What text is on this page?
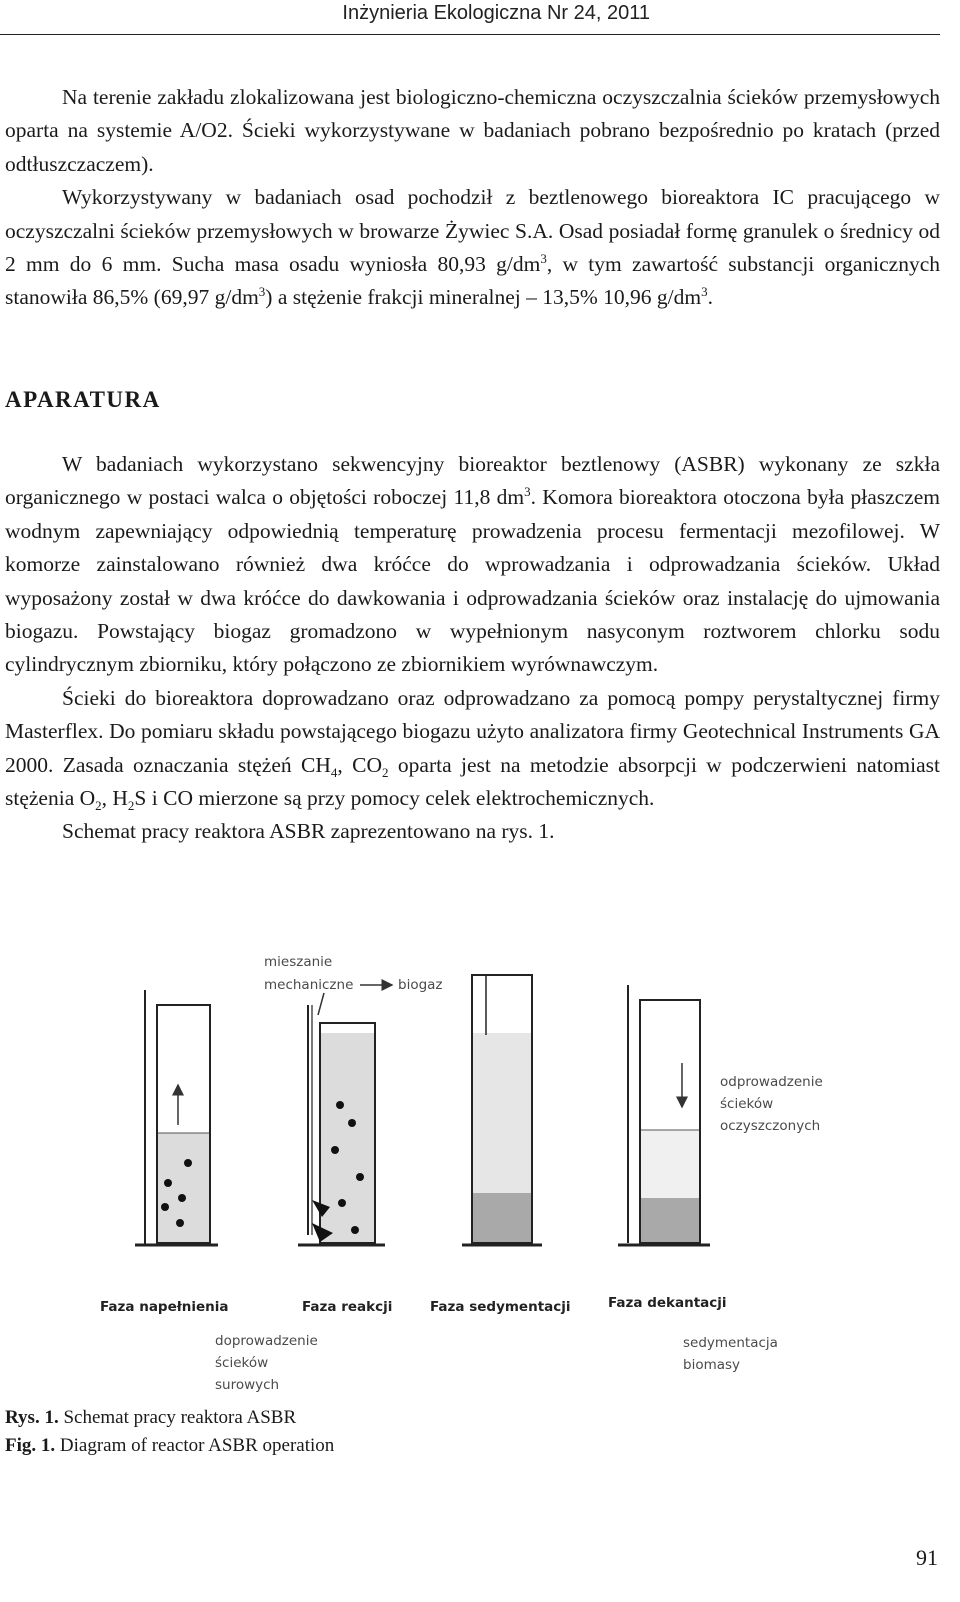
Inżynieria Ekologiczna Nr 24, 2011

Na terenie zakładu zlokalizowana jest biologiczno-chemiczna oczyszczalnia ścieków przemysłowych oparta na systemie A/O2. Ścieki wykorzystywane w badaniach pobrano bezpośrednio po kratach (przed odtłuszczaczem).

Wykorzystywany w badaniach osad pochodził z beztlenowego bioreaktora IC pracującego w oczyszczalni ścieków przemysłowych w browarze Żywiec S.A. Osad posiadał formę granulek o średnicy od 2 mm do 6 mm. Sucha masa osadu wyniosła 80,93 $g/dm^3$, w tym zawartość substancji organicznych stanowiła 86,5% (69,97 $g/dm^3$) a stężenie frakcji mineralnej – 13,5% 10,96 $g/dm^3$.

APARATURA

W badaniach wykorzystano sekwencyjny bioreaktor beztlenowy (ASBR) wykonany ze szkła organicznego w postaci walca o objętości roboczej 11,8 $dm^3$. Komora bioreaktora otoczona była płaszczem wodnym zapewniający odpowiednią temperaturę prowadzenia procesu fermentacji mezofilowej. W komorze zainstalowano również dwa króćce do wprowadzania i odprowadzania ścieków. Układ wyposażony został w dwa króćce do dawkowania i odprowadzania ścieków oraz instalację do ujmowania biogazu. Powstający biogaz gromadzono w wypełnionym nasyconym roztworem chlorku sodu cylindrycznym zbiorniku, który połączono ze zbiornikiem wyrównawczym.

Ścieki do bioreaktora doprowadzano oraz odprowadzano za pomocą pompy perystaltycznej firmy Masterflex. Do pomiaru składu powstającego biogazu użyto analizatora firmy Geotechnical Instruments GA 2000. Zasada oznaczania stężeń $CH_4$, $CO_2$ oparta jest na metodzie absorpcji w podczerwieni natomiast stężenia $O_2$, $H_2S$ i CO mierzone są przy pomocy celek elektrochemicznych.

Schemat pracy reaktora ASBR zaprezentowano na rys. 1.

mieszanie
mechaniczne	biogaz
odprowadzenie
ścieków
oczyszczonych
Faza napełnienia	Faza reakcji	Faza sedymentacji	Faza dekantacji
doprowadzenie
ścieków
surowych
sedymentacja
biomasy
Rys. 1. Schemat pracy reaktora ASBR
Fig. 1. Diagram of reactor ASBR operation
91
